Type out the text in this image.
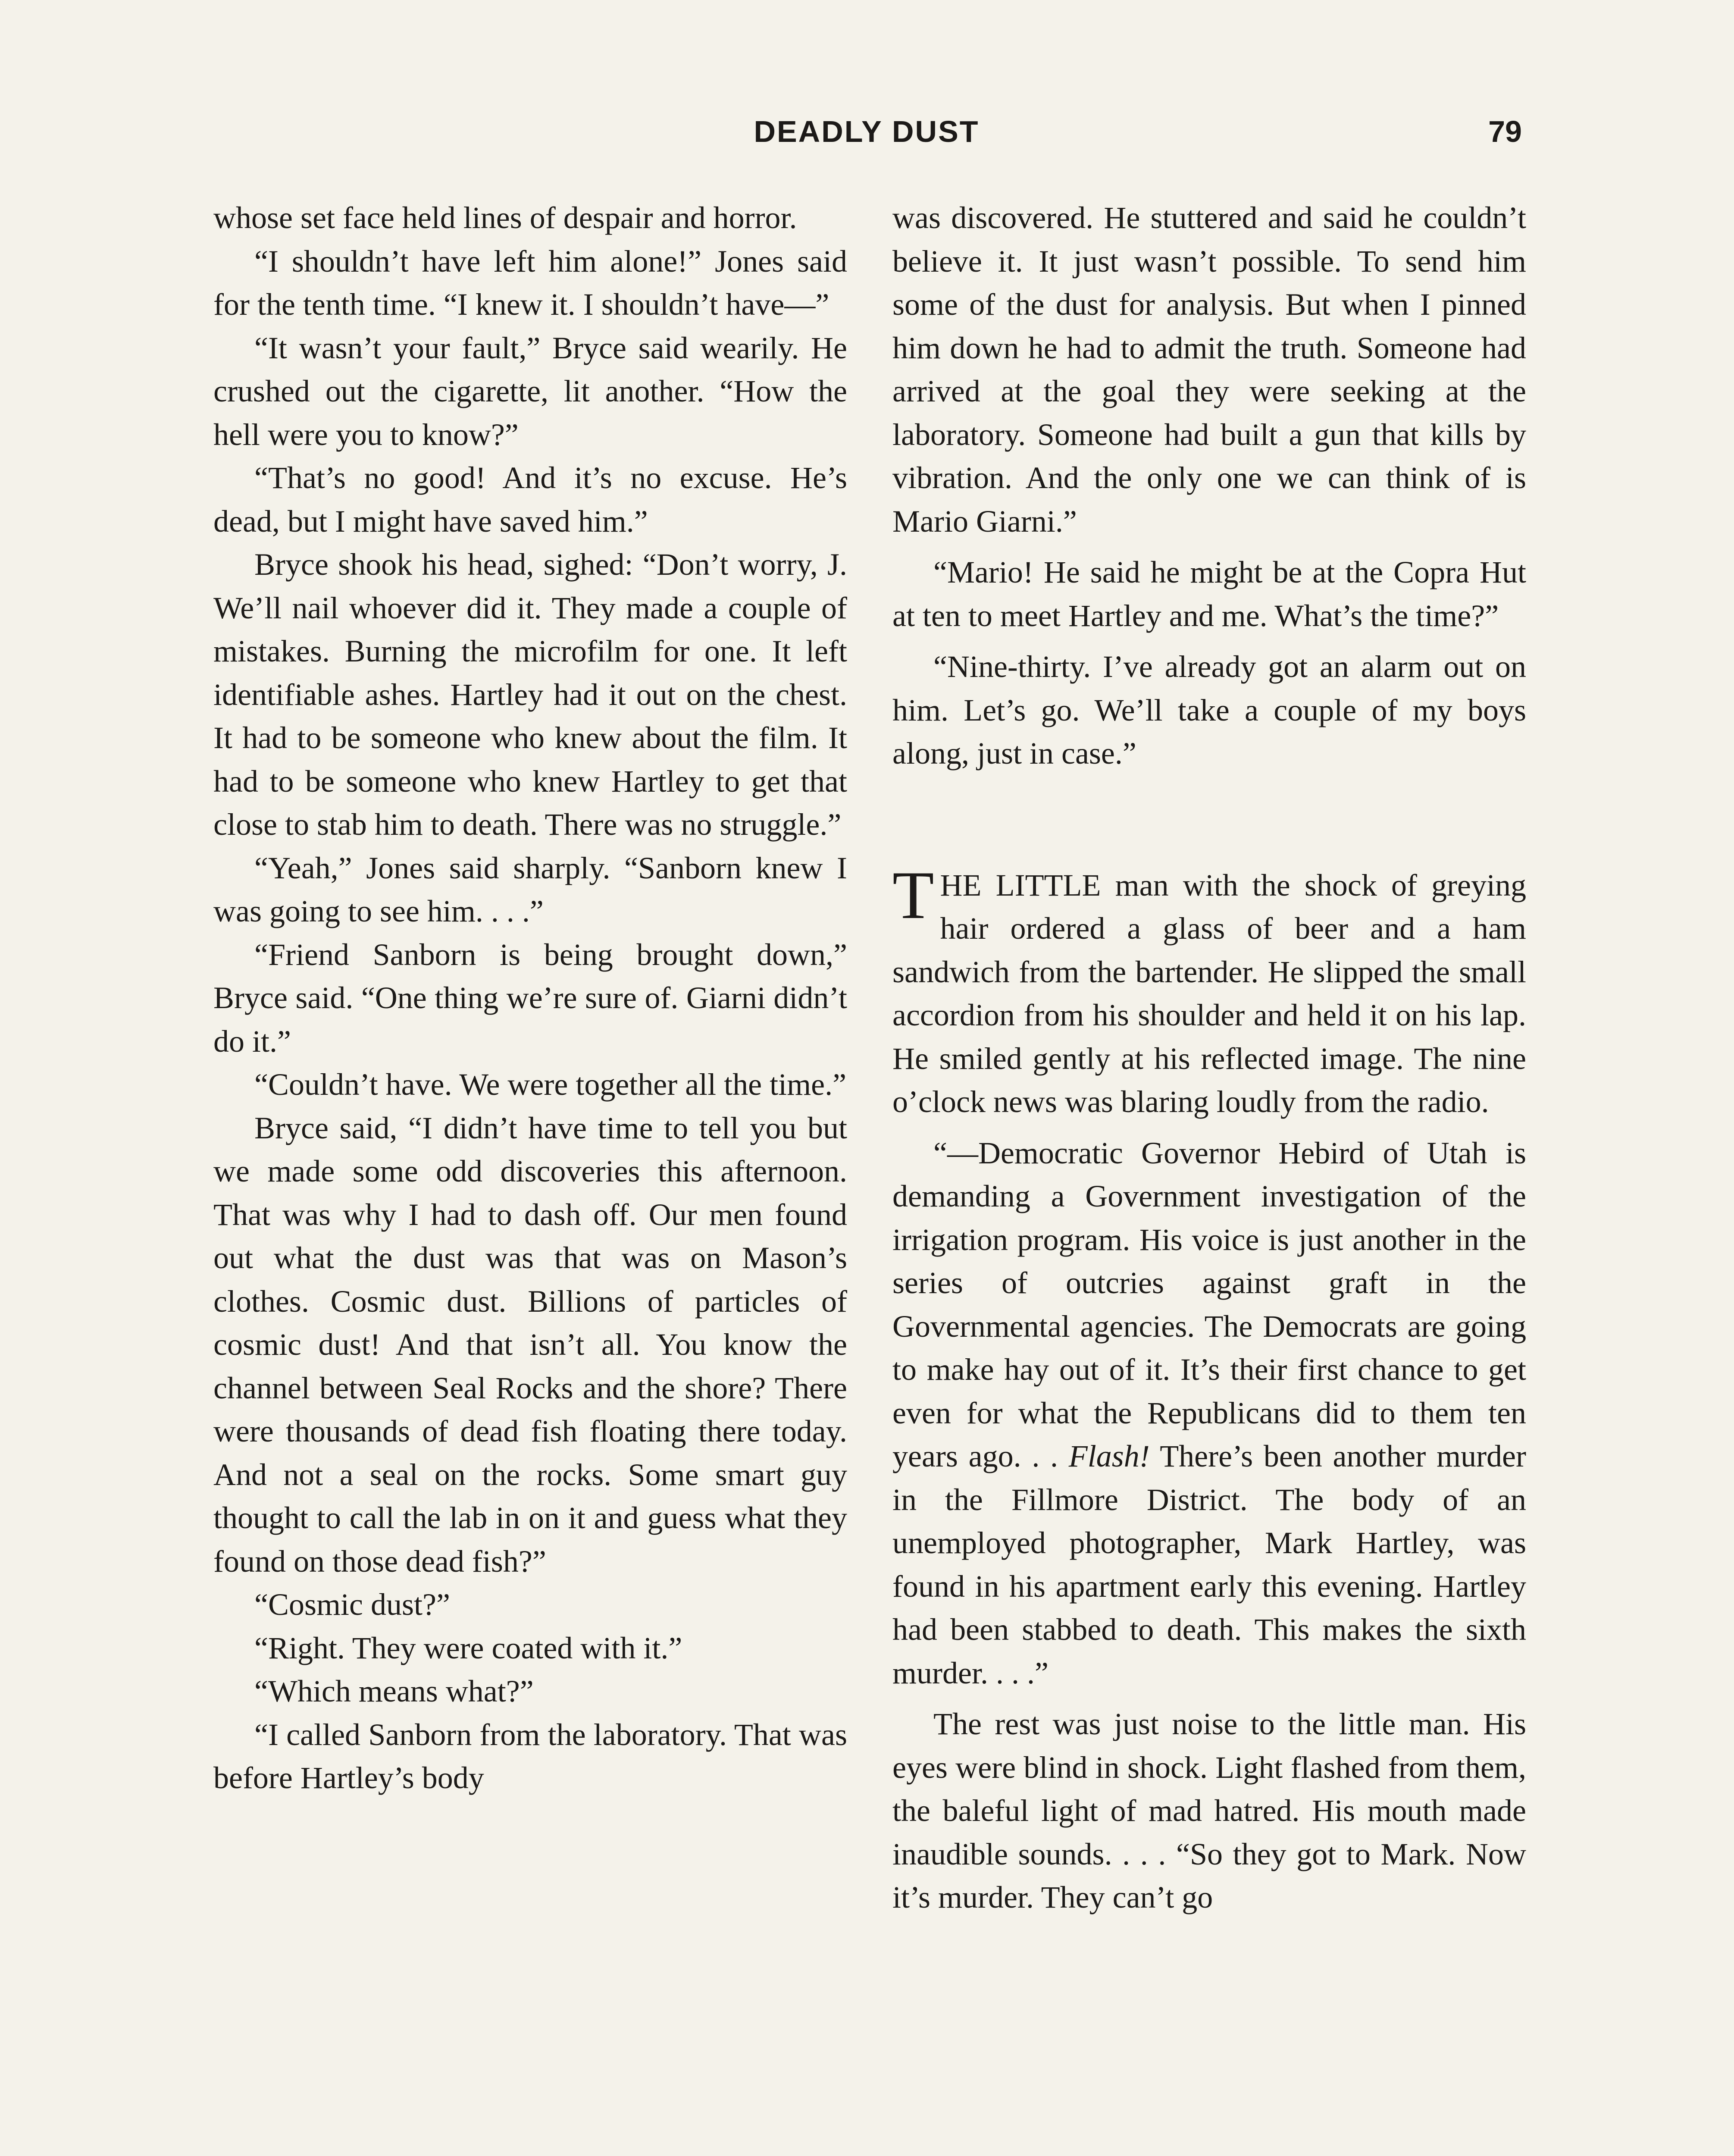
DEADLY DUST	79

whose set face held lines of despair and horror.

“I shouldn’t have left him alone!” Jones said for the tenth time. “I knew it. I shouldn’t have—”

“It wasn’t your fault,” Bryce said wearily. He crushed out the cigarette, lit another. “How the hell were you to know?”

“That’s no good! And it’s no excuse. He’s dead, but I might have saved him.”

Bryce shook his head, sighed: “Don’t worry, J. We’ll nail whoever did it. They made a couple of mistakes. Burning the microfilm for one. It left identifiable ashes. Hartley had it out on the chest. It had to be someone who knew about the film. It had to be someone who knew Hartley to get that close to stab him to death. There was no struggle.”

“Yeah,” Jones said sharply. “Sanborn knew I was going to see him. . . .”

“Friend Sanborn is being brought down,” Bryce said. “One thing we’re sure of. Giarni didn’t do it.”

“Couldn’t have. We were together all the time.”

Bryce said, “I didn’t have time to tell you but we made some odd discoveries this afternoon. That was why I had to dash off. Our men found out what the dust was that was on Mason’s clothes. Cosmic dust. Billions of particles of cosmic dust! And that isn’t all. You know the channel between Seal Rocks and the shore? There were thousands of dead fish floating there today. And not a seal on the rocks. Some smart guy thought to call the lab in on it and guess what they found on those dead fish?”

“Cosmic dust?”

“Right. They were coated with it.”

“Which means what?”

“I called Sanborn from the laboratory. That was before Hartley’s body

was discovered. He stuttered and said he couldn’t believe it. It just wasn’t possible. To send him some of the dust for analysis. But when I pinned him down he had to admit the truth. Someone had arrived at the goal they were seeking at the laboratory. Someone had built a gun that kills by vibration. And the only one we can think of is Mario Giarni.”

“Mario! He said he might be at the Copra Hut at ten to meet Hartley and me. What’s the time?”

“Nine-thirty. I’ve already got an alarm out on him. Let’s go. We’ll take a couple of my boys along, just in case.”

THE LITTLE man with the shock of greying hair ordered a glass of beer and a ham sandwich from the bartender. He slipped the small accordion from his shoulder and held it on his lap. He smiled gently at his reflected image. The nine o’clock news was blaring loudly from the radio.

“—Democratic Governor Hebird of Utah is demanding a Government investigation of the irrigation program. His voice is just another in the series of outcries against graft in the Governmental agencies. The Democrats are going to make hay out of it. It’s their first chance to get even for what the Republicans did to them ten years ago. . . Flash! There’s been another murder in the Fillmore District. The body of an unemployed photographer, Mark Hartley, was found in his apartment early this evening. Hartley had been stabbed to death. This makes the sixth murder. . . .”

The rest was just noise to the little man. His eyes were blind in shock. Light flashed from them, the baleful light of mad hatred. His mouth made inaudible sounds. . . . “So they got to Mark. Now it’s murder. They can’t go
